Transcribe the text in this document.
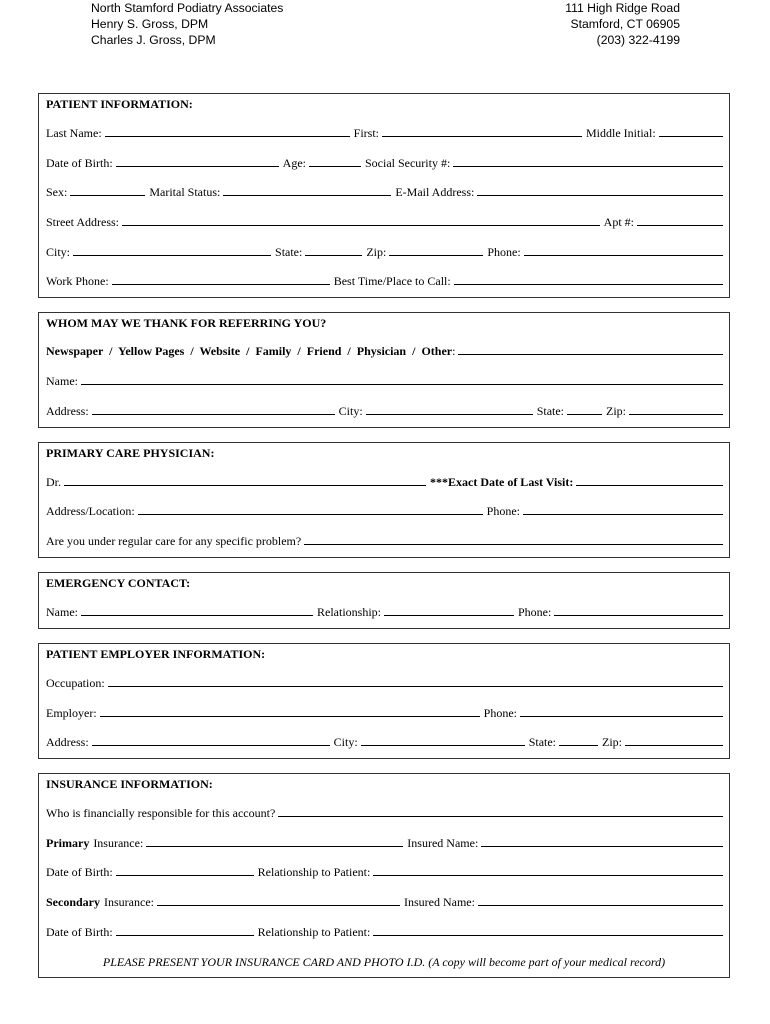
North Stamford Podiatry Associates
Henry S. Gross, DPM
Charles J. Gross, DPM
111 High Ridge Road
Stamford, CT 06905
(203) 322-4199
PATIENT INFORMATION:
Last Name:	First:	Middle Initial:
Date of Birth:	Age:	Social Security #:
Sex:	Marital Status:	E-Mail Address:
Street Address:	Apt #:
City:	State:	Zip:	Phone:
Work Phone:	Best Time/Place to Call:
WHOM MAY WE THANK FOR REFERRING YOU?
Newspaper  /  Yellow Pages  /  Website  /  Family  /  Friend  /  Physician  /  Other :
Name:
Address:	City:	State:	Zip:
PRIMARY CARE PHYSICIAN:
Dr.	***Exact Date of Last Visit:
Address/Location:	Phone:
Are you under regular care for any specific problem?
EMERGENCY CONTACT:
Name:	Relationship:	Phone:
PATIENT EMPLOYER INFORMATION:
Occupation:
Employer:	Phone:
Address:	City:	State:	Zip:
INSURANCE INFORMATION:
Who is financially responsible for this account?
Primary Insurance:	Insured Name:
Date of Birth:	Relationship to Patient:
Secondary Insurance:	Insured Name:
Date of Birth:	Relationship to Patient:
PLEASE PRESENT YOUR INSURANCE CARD AND PHOTO I.D. (A copy will become part of your medical record)
